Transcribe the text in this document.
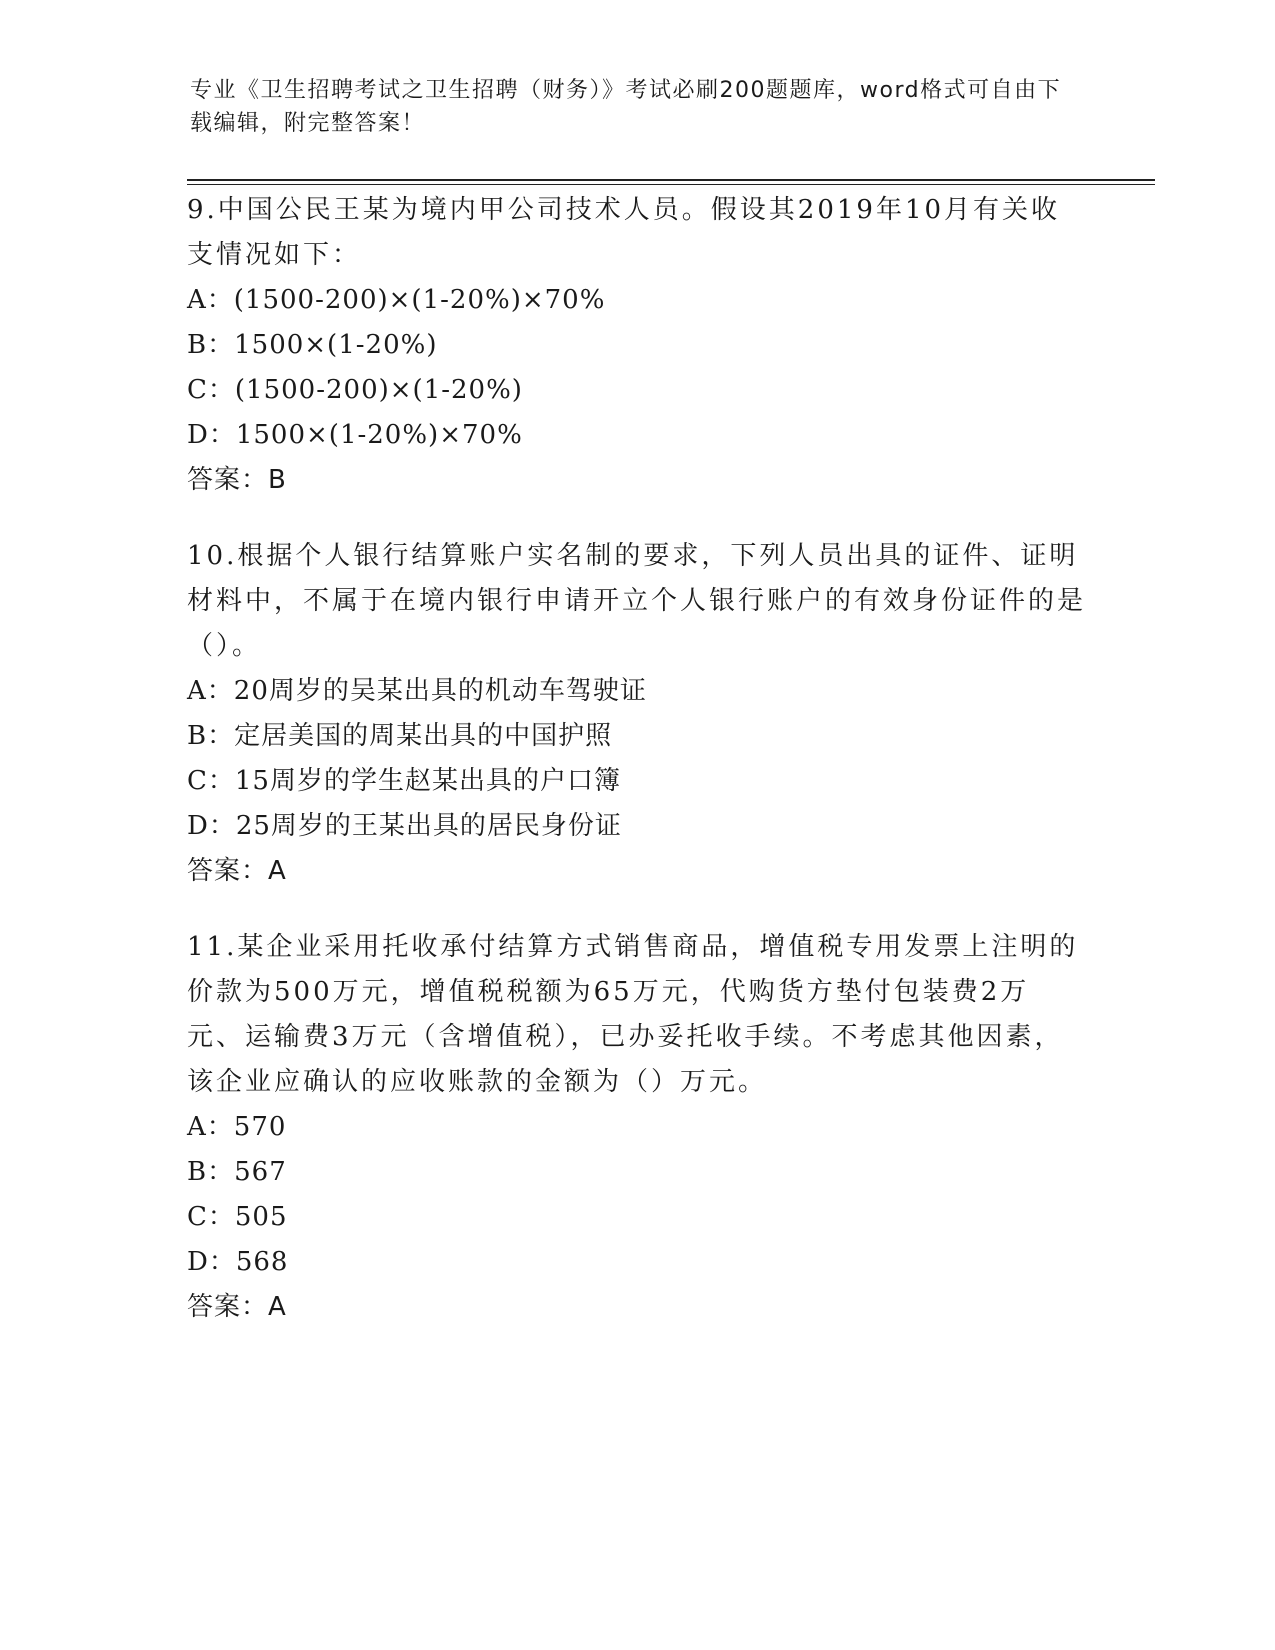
专业《卫生招聘考试之卫生招聘（财务）》考试必刷200题题库，word格式可自由下载编辑，附完整答案！

9.中国公民王某为境内甲公司技术人员。假设其2019年10月有关收支情况如下：

A：(1500-200)×(1-20%)×70%
B：1500×(1-20%)
C：(1500-200)×(1-20%)
D：1500×(1-20%)×70%
答案：B

10.根据个人银行结算账户实名制的要求，下列人员出具的证件、证明材料中，不属于在境内银行申请开立个人银行账户的有效身份证件的是（）。

A：20周岁的吴某出具的机动车驾驶证
B：定居美国的周某出具的中国护照
C：15周岁的学生赵某出具的户口簿
D：25周岁的王某出具的居民身份证
答案：A

11.某企业采用托收承付结算方式销售商品，增值税专用发票上注明的价款为500万元，增值税税额为65万元，代购货方垫付包装费2万元、运输费3万元（含增值税），已办妥托收手续。不考虑其他因素，该企业应确认的应收账款的金额为（）万元。

A：570
B：567
C：505
D：568
答案：A
